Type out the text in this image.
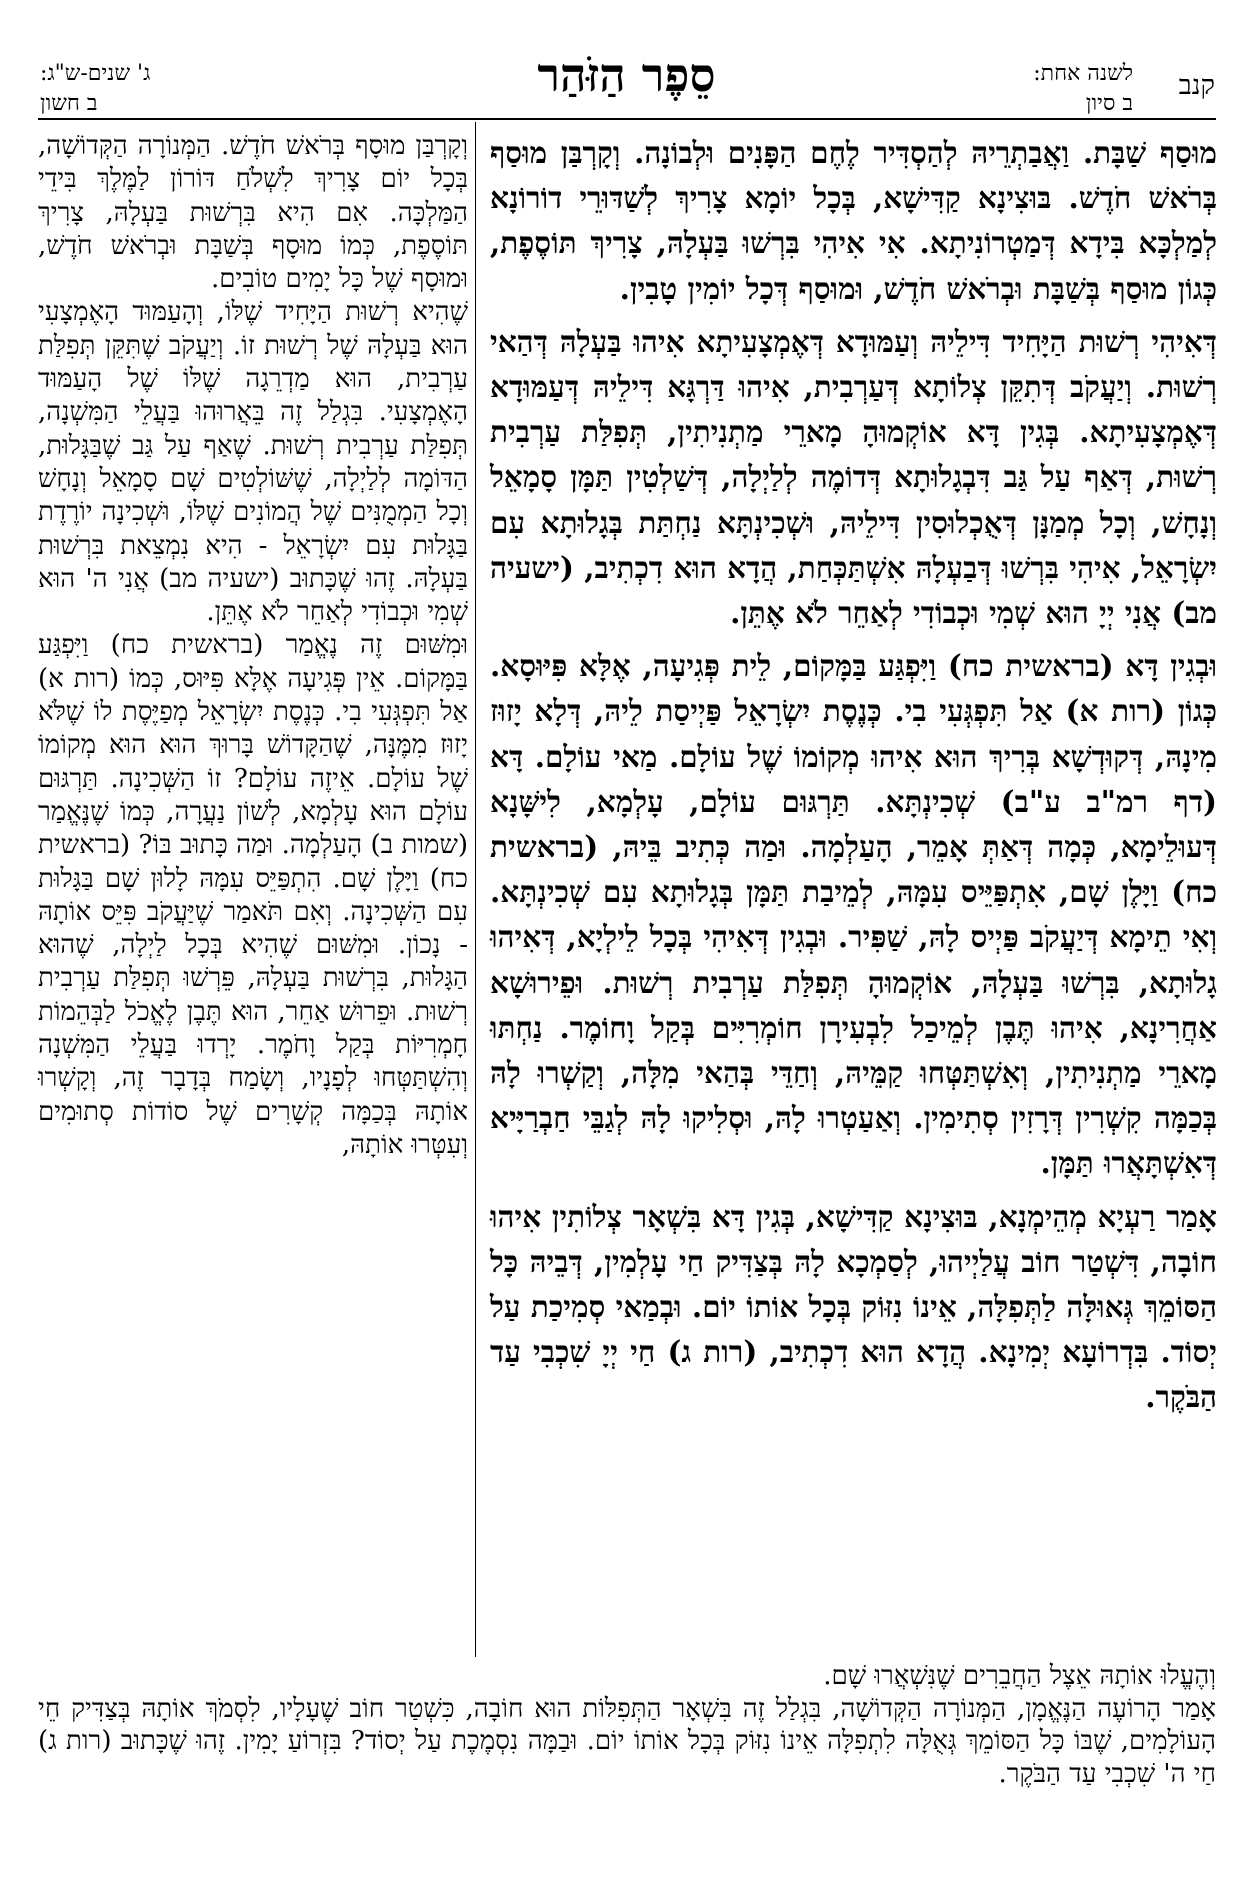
קנב
לשנה אחת:
ב סיון
סֵפֶר הַזֹּהַר
ג' שנים-ש"ג:
ב חשון

מוּסַף שַׁבָּת. וַאֲבַתְרֵיהּ לְהַסְדִּיר לֶחֶם הַפָּנִים וּלְבוֹנָה. וְקָרְבַּן מוּסַף בְּרֹאשׁ חֹדֶשׁ. בּוּצִינָא קַדִּישָׁא, בְּכָל יוֹמָא צָרִיךְ לְשַׁדּוּרֵי דוֹרוֹנָא לְמַלְכָּא בִּידָא דְּמַטְרוֹנִיתָא. אִי אִיהִי בִּרְשׁוּ בַּעְלָהּ, צָרִיךְ תּוֹסֶפֶת, כְּגוֹן מוּסַף בְּשַׁבָּת וּבְרֹאשׁ חֹדֶשׁ, וּמוּסַף דְּכָל יוֹמִין טָבִין.

דְּאִיהִי רְשׁוּת הַיָּחִיד דִּילֵיהּ וְעַמּוּדָא דְּאֶמְצָעִיתָא אִיהוּ בַּעְלָהּ דְּהַאי רְשׁוּת. וְיַעֲקֹב דְּתִקֵּן צְלוֹתָא דְּעַרְבִית, אִיהוּ דַּרְגָּא דִּילֵיהּ דְּעַמּוּדָא דְּאֶמְצָעִיתָא. בְּגִין דָּא אוֹקְמוּהָ מָארֵי מַתְנִיתִין, תְּפִלַּת עַרְבִית רְשׁוּת, דְּאַף עַל גַּב דִּבְגָלוּתָא דְּדוֹמֶה לְלַיְלָה, דְּשַׁלְטִין תַּמָּן סָמָאֵל וְנָחָשׁ, וְכָל מְמַנָּן דְּאֻכְלוּסִין דִּילֵיהּ, וּשְׁכִינְתָּא נַחְתַּת בְּגָלוּתָא עִם יִשְׂרָאֵל, אִיהִי בִּרְשׁוּ דְּבַעְלָהּ אִשְׁתַּכְּחַת, הֲדָא הוּא דִכְתִיב, (ישעיה מב) אֲנִי יְיָ הוּא שְׁמִי וּכְבוֹדִי לְאַחֵר לֹא אֶתֵּן.

וּבְגִין דָּא (בראשית כח) וַיִּפְגַּע בַּמָּקוֹם, לֵית פְּגִיעָה, אֶלָּא פִּיּוּסָא. כְּגוֹן (רות א) אַל תִּפְגְּעִי בִי. כְּנֶסֶת יִשְׂרָאֵל פַּיְיסַת לֵיהּ, דְּלָא יָזוּז מִינָהּ, דְּקוּדְשָׁא בְּרִיךְ הוּא אִיהוּ מְקוֹמוֹ שֶׁל עוֹלָם. מַאי עוֹלָם. דָּא (דף רמ"ב ע"ב) שְׁכִינְתָּא. תַּרְגּוּם עוֹלָם, עָלְמָא, לִישָּׁנָא דְּעוּלֵימָא, כְּמָה דְּאַתְּ אָמֵר, הָעַלְמָה. וּמַה כְּתִיב בֵּיהּ, (בראשית כח) וַיָּלֶן שָׁם, אִתְפַּיֵּיס עִמָּהּ, לְמֵיבַת תַּמָּן בְּגָלוּתָא עִם שְׁכִינְתָּא. וְאִי תֵימָא דְּיַעֲקֹב פַּיְיס לָהּ, שַׁפִּיר. וּבְגִין דְּאִיהִי בְּכָל לֵילְיָא, דְּאִיהוּ גָלוּתָא, בִּרְשׁוּ בַּעְלָהּ, אוֹקְמוּהָ תְּפִלַּת עַרְבִית רְשׁוּת. וּפֵירוּשָׁא אַחֲרִינָא, אִיהוּ תֶּבֶן לְמֵיכַל לִבְעִירָן חוֹמְרִיִּים בְּקַל וָחוֹמֶר. נַחְתּוּ מָארֵי מַתְנִיתִין, וְאִשְׁתַּטְּחוּ קַמֵּיהּ, וְחַדֵּי בְּהַאי מִלָּה, וְקַשְׁרוּ לָהּ בְּכַמָּה קִשְׁרִין דְּרָזִין סְתִימִין. וְאַעַטְרוּ לָהּ, וּסְלִיקוּ לָהּ לְגַבֵּי חַבְרַיָּיא דְּאִשְׁתָּאֲרוּ תַּמָּן.

אָמַר רַעְיָא מְהֵימְנָא, בּוּצִינָא קַדִּישָׁא, בְּגִין דָּא בִּשְׁאָר צְלוֹתִין אִיהוּ חוֹבָה, דִּשְׁטַר חוֹב עֲלַיְיהוּ, לְסַמְכָא לָהּ בְּצַדִּיק חַי עָלְמִין, דְּבֵיהּ כָּל הַסּוֹמֵךְ גְּאוּלָּה לַתְּפִלָּה, אֵינוֹ נִזּוֹק בְּכָל אוֹתוֹ יוֹם. וּבְמַאי סְמִיכַת עַל יְסוֹד. בִּדְרוֹעָא יְמִינָא. הֲדָא הוּא דִכְתִיב, (רות ג) חַי יְיָ שִׁכְבִי עַד הַבֹּקֶר.

וְקָרְבַּן מוּסָף בְּרֹאשׁ חֹדֶשׁ. הַמְּנוֹרָה הַקְּדוֹשָׁה, בְּכָל יוֹם צָרִיךְ לִשְׁלֹחַ דּוֹרוֹן לַמֶּלֶךְ בִּידֵי הַמַּלְכָּה. אִם הִיא בִּרְשׁוּת בַּעְלָהּ, צָרִיךְ תּוֹסֶפֶת, כְּמוֹ מוּסָף בְּשַׁבָּת וּבְרֹאשׁ חֹדֶשׁ, וּמוּסָף שֶׁל כָּל יָמִים טוֹבִים.

שֶׁהִיא רְשׁוּת הַיָּחִיד שֶׁלּוֹ, וְהָעַמּוּד הָאֶמְצָעִי הוּא בַּעְלָהּ שֶׁל רְשׁוּת זוֹ. וְיַעֲקֹב שֶׁתִּקֵּן תְּפִלַּת עַרְבִית, הוּא מַדְרֵגָה שֶׁלּוֹ שֶׁל הָעַמּוּד הָאֶמְצָעִי. בִּגְלַל זֶה בֵּאֲרוּהוּ בַּעֲלֵי הַמִּשְׁנָה, תְּפִלַּת עַרְבִית רְשׁוּת. שֶׁאַף עַל גַּב שֶׁבַּגָּלוּת, הַדּוֹמָה לְלַיְלָה, שֶׁשּׁוֹלְטִים שָׁם סָמָאֵל וְנָחָשׁ וְכָל הַמְמֻנִּים שֶׁל הֲמוֹנִים שֶׁלּוֹ, וּשְׁכִינָה יוֹרֶדֶת בַּגָּלוּת עִם יִשְׂרָאֵל - הִיא נִמְצֵאת בִּרְשׁוּת בַּעְלָהּ. זֶהוּ שֶׁכָּתוּב (ישעיה מב) אֲנִי ה' הוּא שְׁמִי וּכְבוֹדִי לְאַחֵר לֹא אֶתֵּן.

וּמִשּׁוּם זֶה נֶאֱמַר (בראשית כח) וַיִּפְגַּע בַּמָּקוֹם. אֵין פְּגִיעָה אֶלָּא פִּיּוּס, כְּמוֹ (רות א) אַל תִּפְגְּעִי בִי. כְּנֶסֶת יִשְׂרָאֵל מְפַיֶּסֶת לוֹ שֶׁלֹּא יָזוּז מִמֶּנָּה, שֶׁהַקָּדוֹשׁ בָּרוּךְ הוּא הוּא מְקוֹמוֹ שֶׁל עוֹלָם. אֵיזֶה עוֹלָם? זוֹ הַשְּׁכִינָה. תַּרְגּוּם עוֹלָם הוּא עָלְמָא, לְשׁוֹן נַעֲרָה, כְּמוֹ שֶׁנֶּאֱמַר (שמות ב) הָעַלְמָה. וּמַה כָּתוּב בּוֹ? (בראשית כח) וַיָּלֶן שָׁם. הִתְפַּיֵּס עִמָּהּ לָלוּן שָׁם בַּגָּלוּת עִם הַשְּׁכִינָה. וְאִם תֹּאמַר שֶׁיַּעֲקֹב פִּיֵּס אוֹתָהּ - נָכוֹן. וּמִשּׁוּם שֶׁהִיא בְּכָל לַיְלָה, שֶׁהוּא הַגָּלוּת, בִּרְשׁוּת בַּעְלָהּ, פֵּרְשׁוּ תְּפִלַּת עַרְבִית רְשׁוּת. וּפֵרוּשׁ אַחֵר, הוּא תֶּבֶן לֶאֱכֹל לַבְּהֵמוֹת חָמְרִיּוֹת בְּקַל וָחֹמֶר. יָרְדוּ בַּעֲלֵי הַמִּשְׁנָה וְהִשְׁתַּטְּחוּ לְפָנָיו, וְשָׂמַח בְּדָבָר זֶה, וְקָשְׁרוּ אוֹתָהּ בְּכַמָּה קְשָׁרִים שֶׁל סוֹדוֹת סְתוּמִים וְעִטְּרוּ אוֹתָהּ,

וְהֶעֱלוּ אוֹתָהּ אֵצֶל הַחֲבֵרִים שֶׁנִּשְׁאֲרוּ שָׁם.

אָמַר הָרוֹעֶה הַנֶּאֱמָן, הַמְּנוֹרָה הַקְּדוֹשָׁה, בִּגְלַל זֶה בִּשְׁאָר הַתְּפִלּוֹת הוּא חוֹבָה, כִּשְׁטַר חוֹב שֶׁעָלָיו, לִסְמֹךְ אוֹתָהּ בְּצַדִּיק חֵי הָעוֹלָמִים, שֶׁבּוֹ כָּל הַסּוֹמֵךְ גְּאֻלָּה לִתְפִלָּה אֵינוֹ נִזּוֹק בְּכָל אוֹתוֹ יוֹם. וּבַמָּה נִסְמֶכֶת עַל יְסוֹד? בִּזְרוֹעַ יָמִין. זֶהוּ שֶׁכָּתוּב (רות ג) חַי ה' שִׁכְבִי עַד הַבֹּקֶר.
